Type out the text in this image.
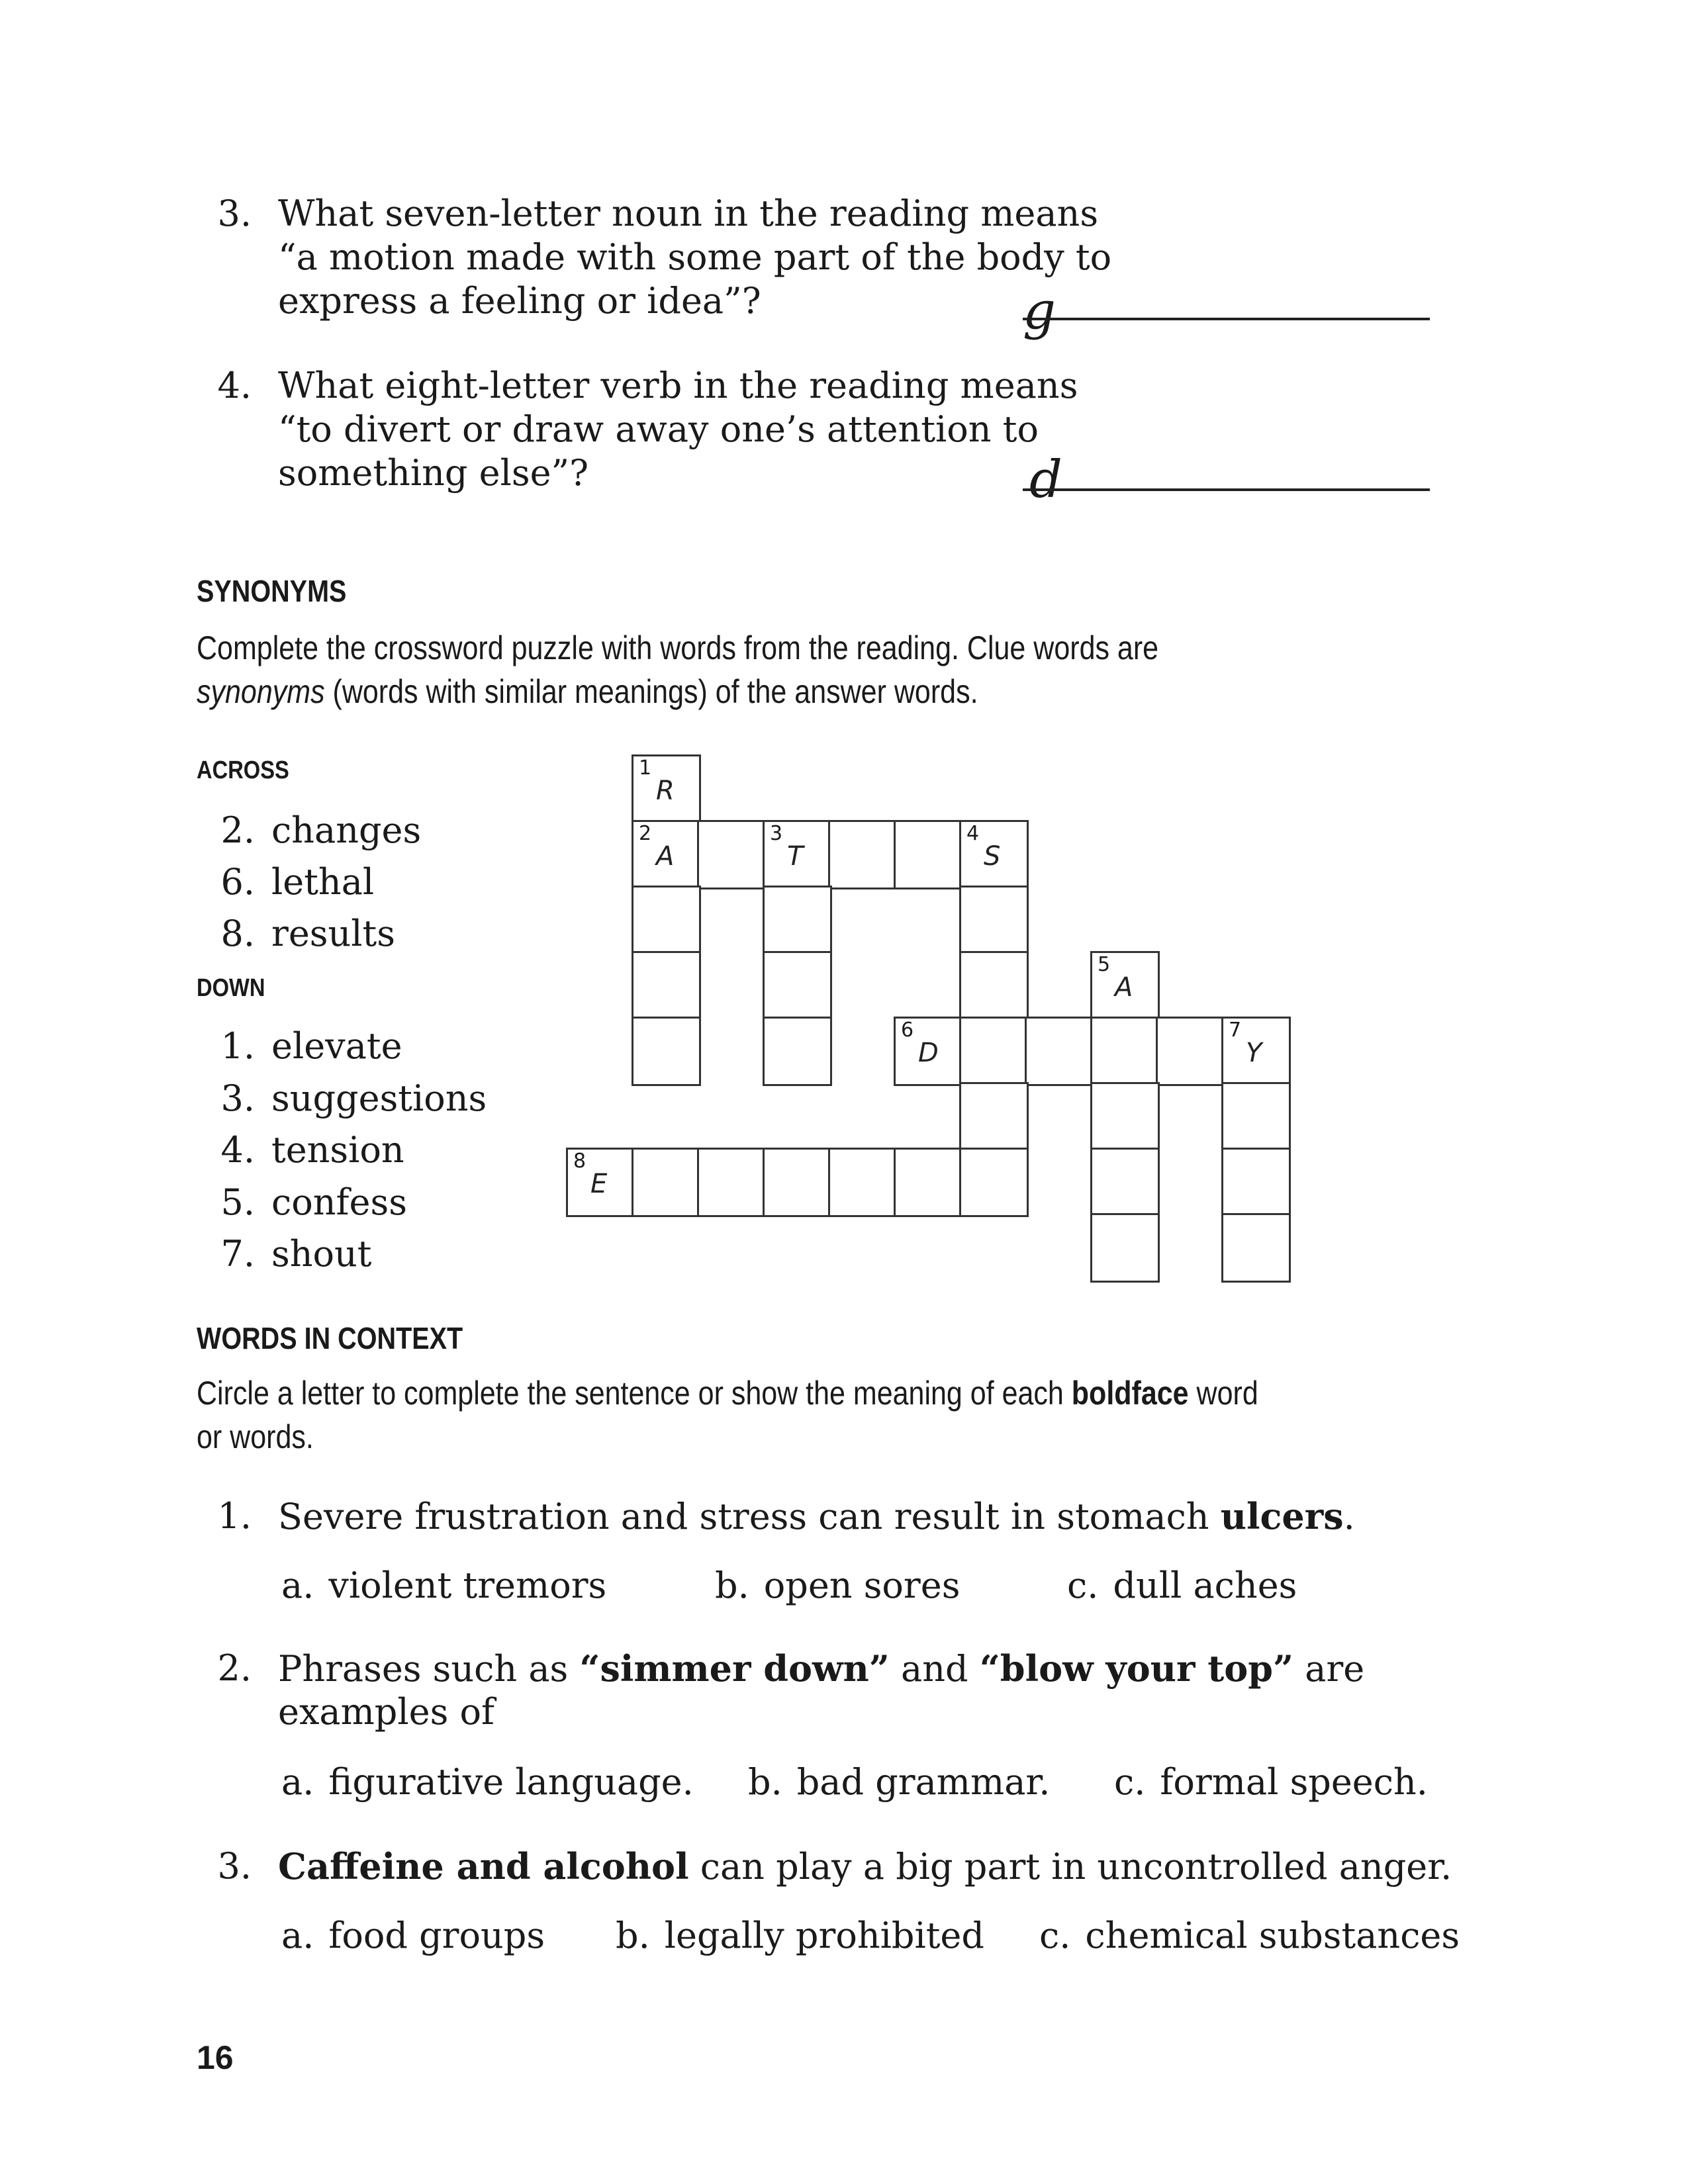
3. What seven-letter noun in the reading means
“a motion made with some part of the body to
express a feeling or idea”?	g
4. What eight-letter verb in the reading means
“to divert or draw away one’s attention to
something else”?	d
SYNONYMS
Complete the crossword puzzle with words from the reading. Clue words are
synonyms (words with similar meanings) of the answer words.
ACROSS
2. changes
6. lethal
8. results
DOWN
1. elevate
3. suggestions
4. tension
5. confess
7. shout
1
R
2
A
3
T
4
S
5
A
6
D
7
Y
8
E
WORDS IN CONTEXT
Circle a letter to complete the sentence or show the meaning of each boldface word
or words.
1. Severe frustration and stress can result in stomach ulcers.
a. violent tremors	b. open sores	c. dull aches
2. Phrases such as “simmer down” and “blow your top” are
examples of
a. figurative language. b. bad grammar. c. formal speech.
3. Caffeine and alcohol can play a big part in uncontrolled anger.
a. food groups b. legally prohibited c. chemical substances
16
